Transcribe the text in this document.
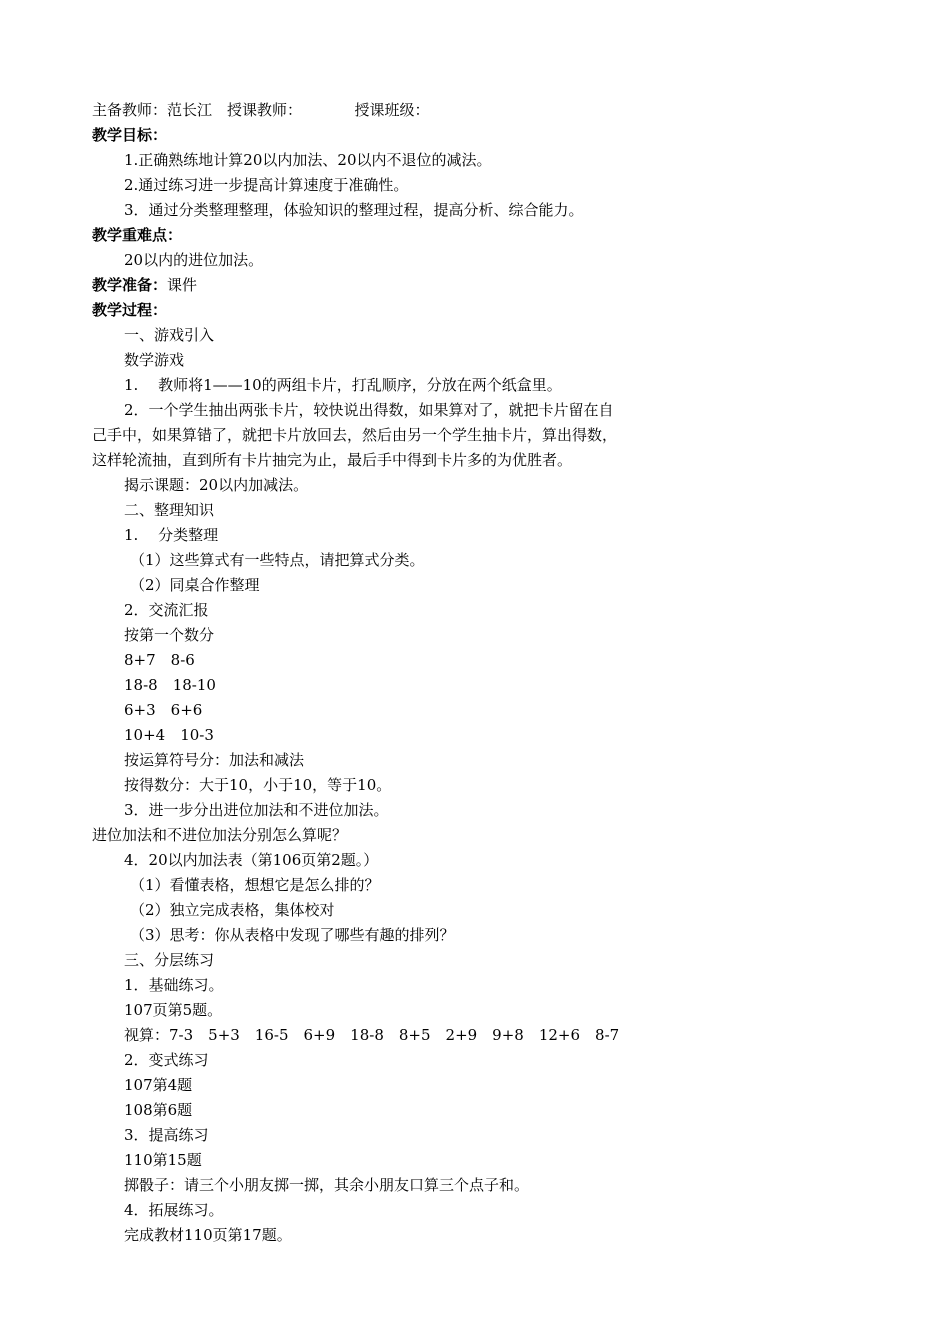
主备教师：范长江　授课教师：　　　　授课班级：
教学目标：
1.正确熟练地计算20以内加法、20以内不退位的减法。
2.通过练习进一步提高计算速度于准确性。
3．通过分类整理整理，体验知识的整理过程，提高分析、综合能力。
教学重难点：
20以内的进位加法。
教学准备：课件
教学过程：
一、游戏引入
数学游戏
1.　 教师将1——10的两组卡片，打乱顺序，分放在两个纸盒里。
2．一个学生抽出两张卡片，较快说出得数，如果算对了，就把卡片留在自
己手中，如果算错了，就把卡片放回去，然后由另一个学生抽卡片，算出得数，
这样轮流抽，直到所有卡片抽完为止，最后手中得到卡片多的为优胜者。
揭示课题：20以内加减法。
二、整理知识
1.　 分类整理
（1）这些算式有一些特点，请把算式分类。
（2）同桌合作整理
2．交流汇报
按第一个数分
8+7　8-6
18-8　18-10
6+3　6+6
10+4　10-3
按运算符号分：加法和减法
按得数分：大于10，小于10，等于10。
3．进一步分出进位加法和不进位加法。
进位加法和不进位加法分别怎么算呢？
4．20以内加法表（第106页第2题。）
（1）看懂表格，想想它是怎么排的？
（2）独立完成表格，集体校对
（3）思考：你从表格中发现了哪些有趣的排列？
三、分层练习
1．基础练习。
107页第5题。
视算：7-3　5+3　16-5　6+9　18-8　8+5　2+9　9+8　12+6　8-7
2．变式练习
107第4题
108第6题
3．提高练习
110第15题
掷骰子：请三个小朋友掷一掷，其余小朋友口算三个点子和。
4．拓展练习。
完成教材110页第17题。
